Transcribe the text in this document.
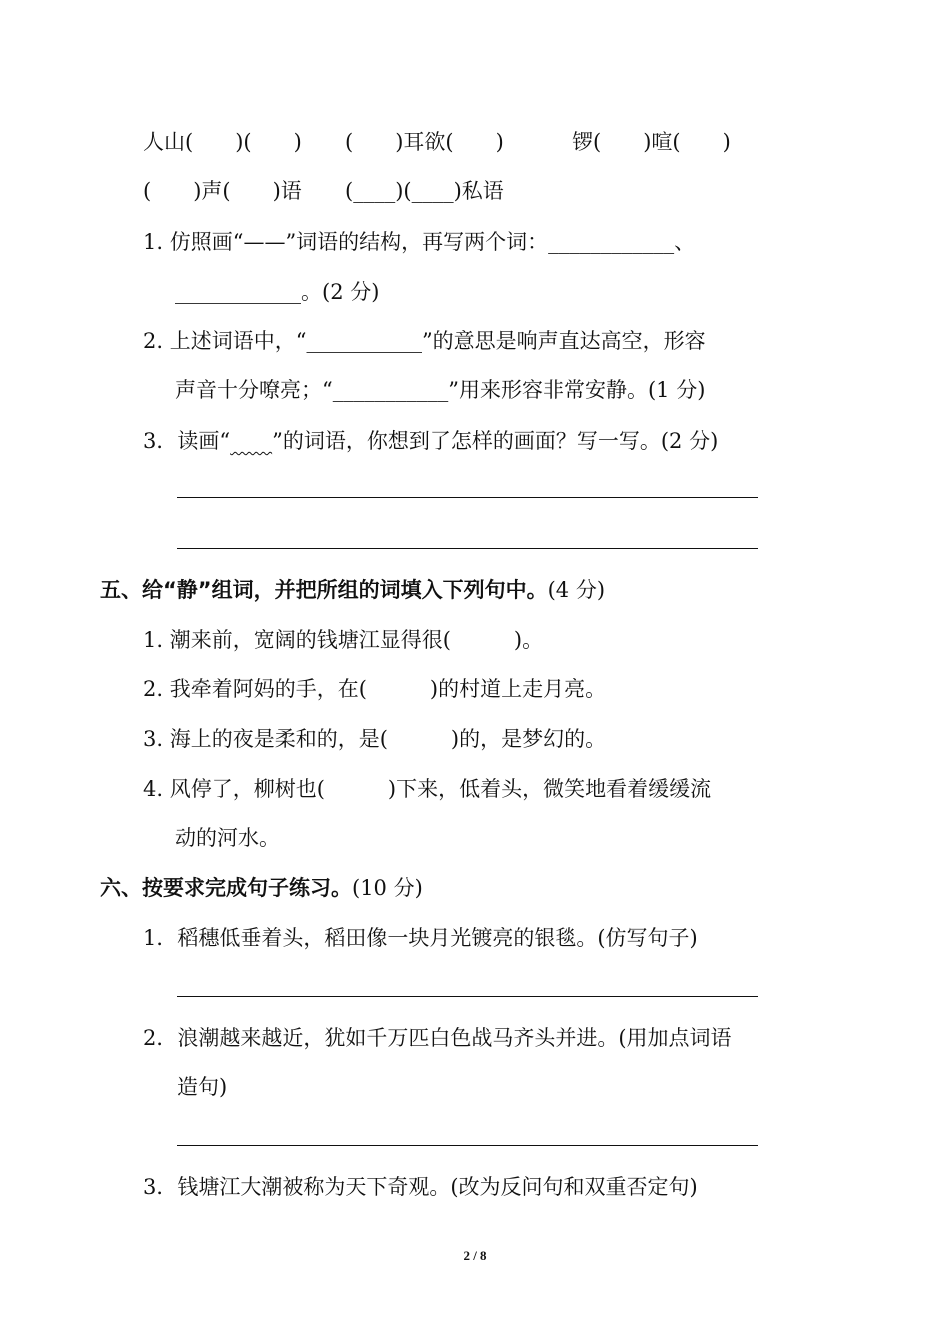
人山(　　)(　　) (　　)耳欲(　　)	锣(　　)喧(　　)
(　　)声(　　)语 (____)(____)私语
1. 仿照画“——”词语的结构，再写两个词：____________、
____________。(2 分)
2. 上述词语中，“___________”的意思是响声直达高空，形容
声音十分嘹亮；“___________”用来形容非常安静。(1 分)
3．读画“　　 ”的词语，你想到了怎样的画面？写一写。(2 分)
五、给“静”组词，并把所组的词填入下列句中。(4 分)
1. 潮来前，宽阔的钱塘江显得很(　　　)。
2. 我牵着阿妈的手，在(　　　)的村道上走月亮。
3. 海上的夜是柔和的，是(　　　)的，是梦幻的。
4. 风停了，柳树也(　　　)下来，低着头，微笑地看着缓缓流
动的河水。
六、按要求完成句子练习。(10 分)
1．稻穗低垂着头，稻田像一块月光镀亮的银毯。(仿写句子)
2．浪潮越来越近，犹如千万匹白色战马齐头并进。(用加点词语
造句)
3．钱塘江大潮被称为天下奇观。(改为反问句和双重否定句)
2 / 8
